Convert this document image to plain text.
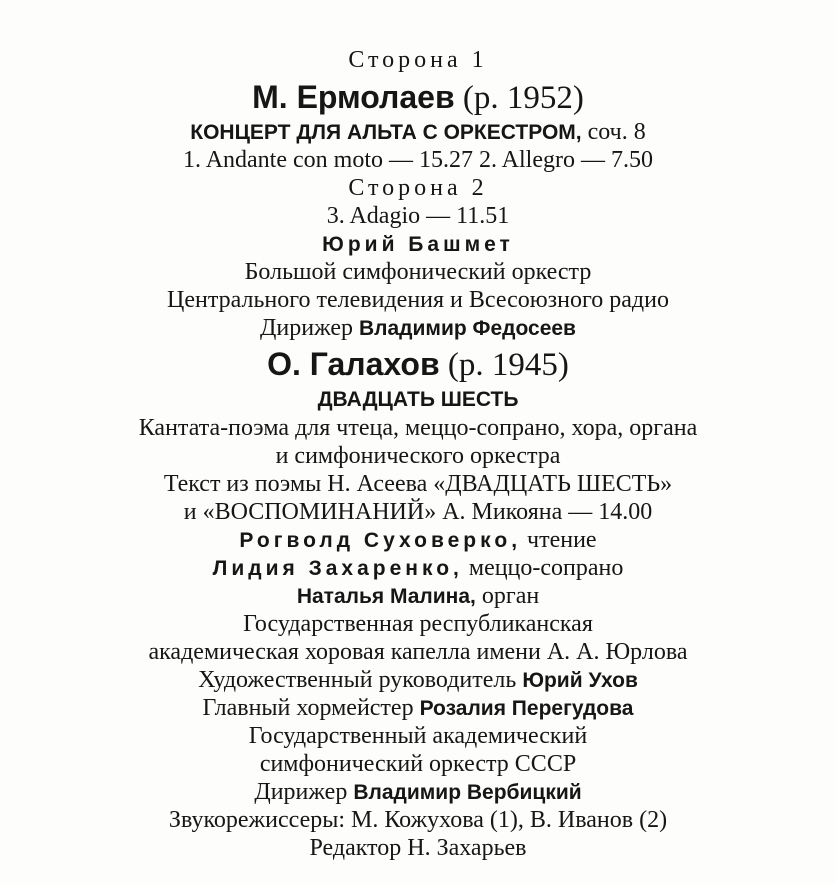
Сторона 1
М. Ермолаев (р. 1952)
КОНЦЕРТ ДЛЯ АЛЬТА С ОРКЕСТРОМ, соч. 8
1. Andante con moto — 15.27 2. Allegro — 7.50
Сторона 2
3. Adagio — 11.51
Юрий Башмет
Большой симфонический оркестр
Центрального телевидения и Всесоюзного радио
Дирижер Владимир Федосеев
О. Галахов (р. 1945)
ДВАДЦАТЬ ШЕСТЬ
Кантата-поэма для чтеца, меццо-сопрано, хора, органа
и симфонического оркестра
Текст из поэмы Н. Асеева «ДВАДЦАТЬ ШЕСТЬ»
и «ВОСПОМИНАНИЙ» А. Микояна — 14.00
Рогволд Суховерко, чтение
Лидия Захаренко, меццо-сопрано
Наталья Малина, орган
Государственная республиканская
академическая хоровая капелла имени А. А. Юрлова
Художественный руководитель Юрий Ухов
Главный хормейстер Розалия Перегудова
Государственный академический
симфонический оркестр СССР
Дирижер Владимир Вербицкий
Звукорежиссеры: М. Кожухова (1), В. Иванов (2)
Редактор Н. Захарьев
